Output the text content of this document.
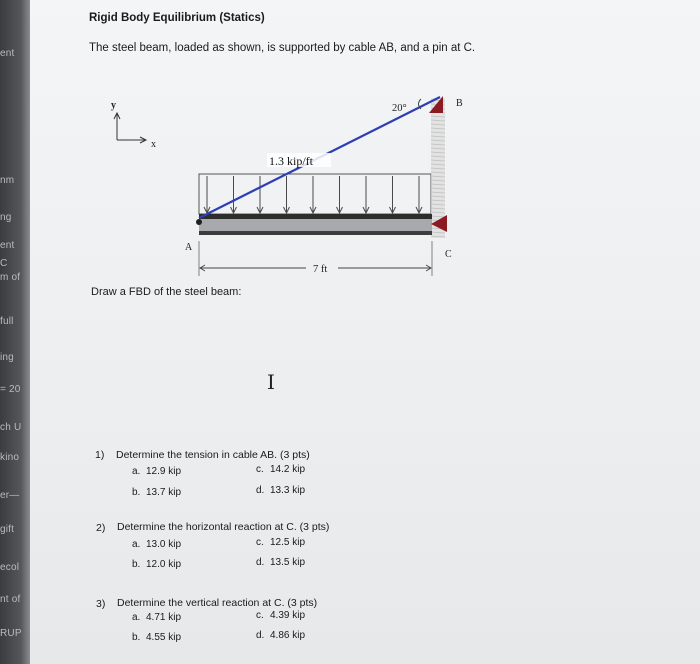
ent
nm
ng
ent
C
m of
full
ing
= 20
ch U
kino
er—
gift
ecol
nt of
RUP
Rigid Body Equilibrium (Statics)
The steel beam, loaded as shown, is supported by cable AB, and a pin at C.
y
x
20°
1.3 kip/ft
A
B
C
7 ft
Draw a FBD of the steel beam:
I
1) Determine the tension in cable AB. (3 pts)
a. 12.9 kip	c. 14.2 kip
b. 13.7 kip	d. 13.3 kip
2) Determine the horizontal reaction at C. (3 pts)
a. 13.0 kip	c. 12.5 kip
b. 12.0 kip	d. 13.5 kip
3) Determine the vertical reaction at C. (3 pts)
a. 4.71 kip	c. 4.39 kip
b. 4.55 kip	d. 4.86 kip
